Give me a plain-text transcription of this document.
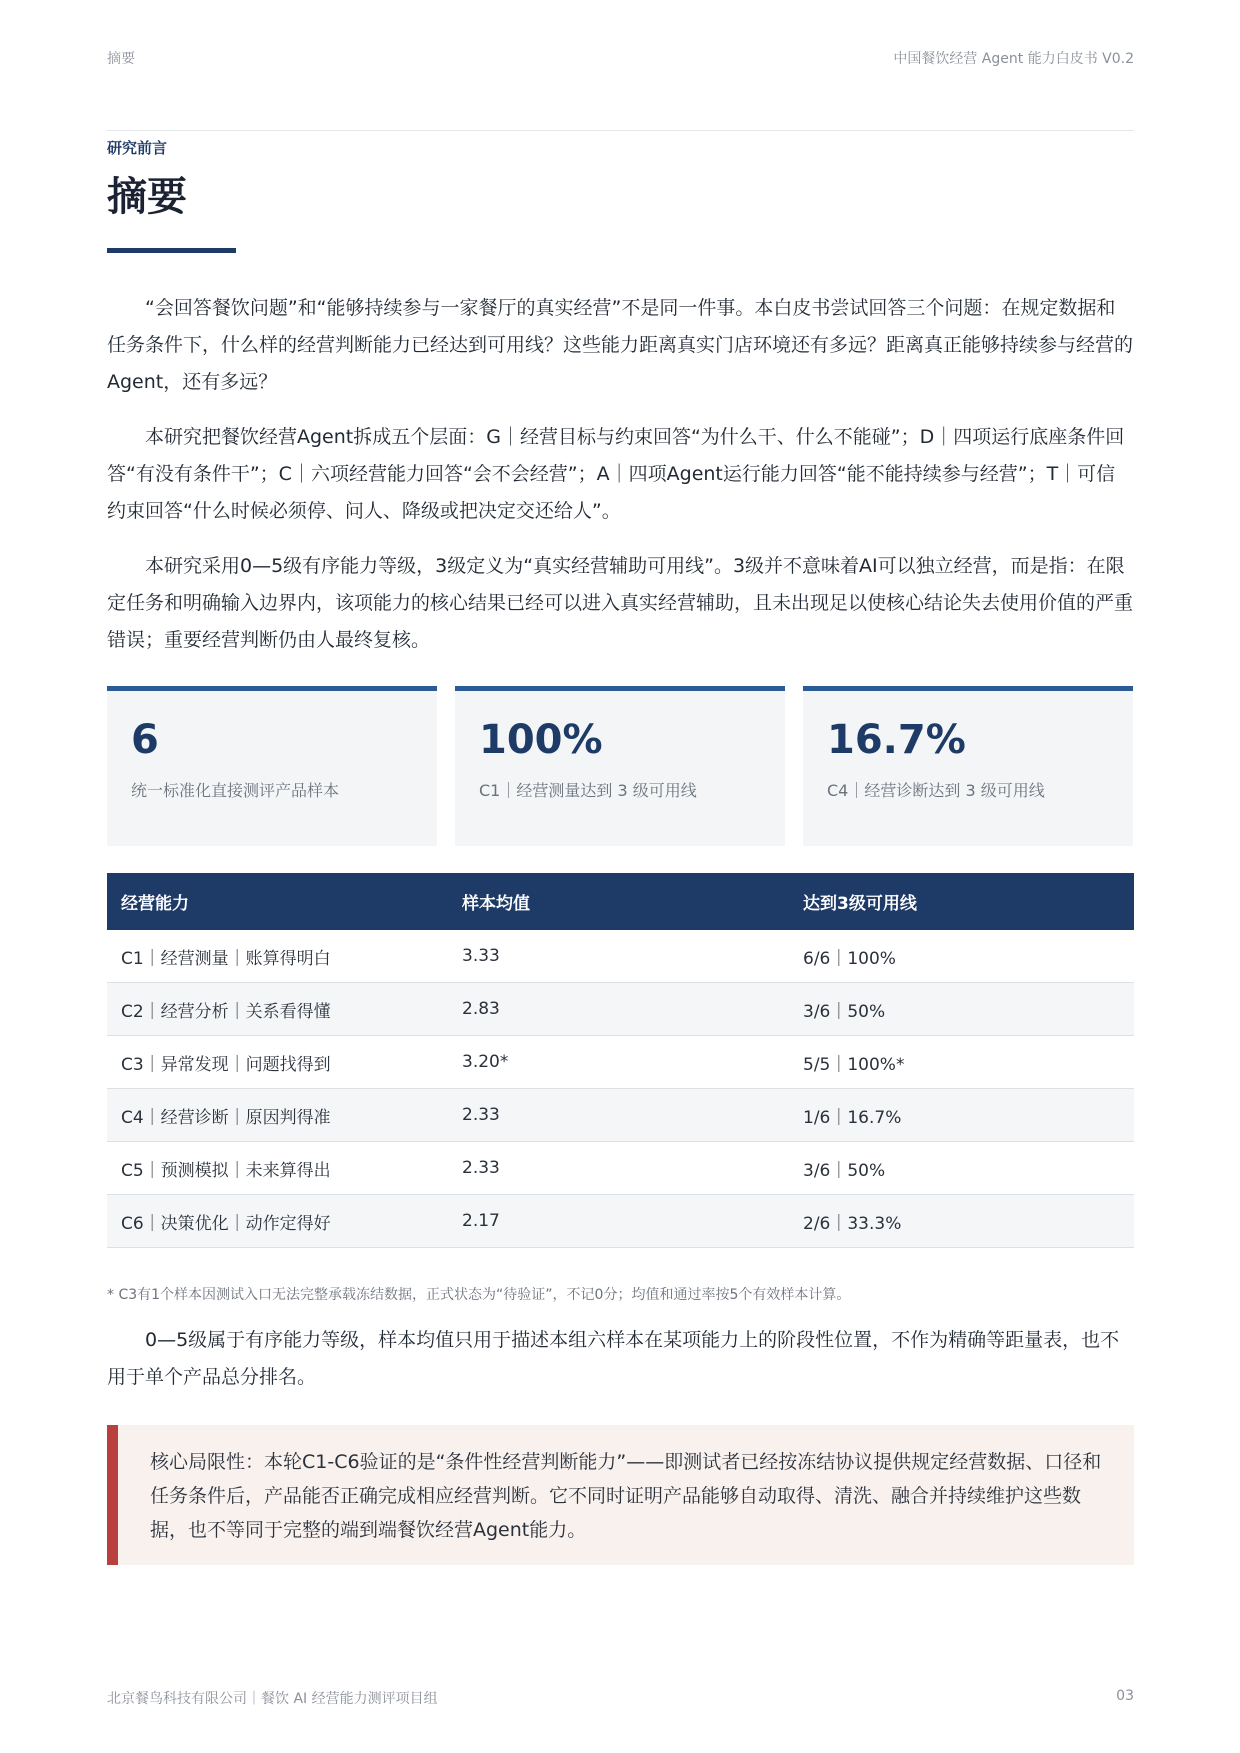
摘要	中国餐饮经营 Agent 能力白皮书 V0.2
研究前言
摘要

“会回答餐饮问题”和“能够持续参与一家餐厅的真实经营”不是同一件事。本白皮书尝试回答三个问题：在规定数据和任务条件下，什么样的经营判断能力已经达到可用线？这些能力距离真实门店环境还有多远？距离真正能够持续参与经营的Agent，还有多远？

本研究把餐饮经营Agent拆成五个层面：G｜经营目标与约束回答“为什么干、什么不能碰”；D｜四项运行底座条件回答“有没有条件干”；C｜六项经营能力回答“会不会经营”；A｜四项Agent运行能力回答“能不能持续参与经营”；T｜可信约束回答“什么时候必须停、问人、降级或把决定交还给人”。

本研究采用0—5级有序能力等级，3级定义为“真实经营辅助可用线”。3级并不意味着AI可以独立经营，而是指：在限定任务和明确输入边界内，该项能力的核心结果已经可以进入真实经营辅助，且未出现足以使核心结论失去使用价值的严重错误；重要经营判断仍由人最终复核。

6
统一标准化直接测评产品样本
100%
C1｜经营测量达到 3 级可用线
16.7%
C4｜经营诊断达到 3 级可用线
经营能力	样本均值	达到3级可用线
C1｜经营测量｜账算得明白	3.33	6/6｜100%
C2｜经营分析｜关系看得懂	2.83	3/6｜50%
C3｜异常发现｜问题找得到	3.20*	5/5｜100%*
C4｜经营诊断｜原因判得准	2.33	1/6｜16.7%
C5｜预测模拟｜未来算得出	2.33	3/6｜50%
C6｜决策优化｜动作定得好	2.17	2/6｜33.3%
* C3有1个样本因测试入口无法完整承载冻结数据，正式状态为“待验证”，不记0分；均值和通过率按5个有效样本计算。

0—5级属于有序能力等级，样本均值只用于描述本组六样本在某项能力上的阶段性位置，不作为精确等距量表，也不用于单个产品总分排名。

核心局限性：本轮C1-C6验证的是“条件性经营判断能力”——即测试者已经按冻结协议提供规定经营数据、口径和任务条件后，产品能否正确完成相应经营判断。它不同时证明产品能够自动取得、清洗、融合并持续维护这些数据，也不等同于完整的端到端餐饮经营Agent能力。
北京餐鸟科技有限公司｜餐饮 AI 经营能力测评项目组	03
